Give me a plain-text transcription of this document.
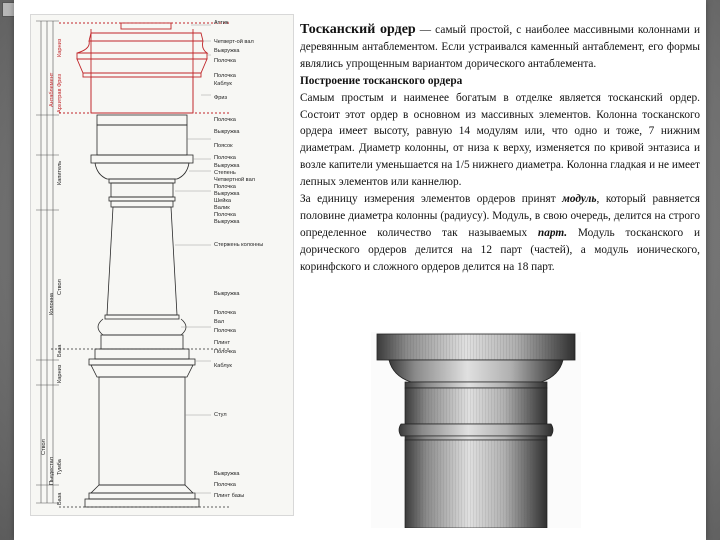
Аттик
Четверт-ой вал
Выкружка
Полочка
Полочка
Каблук
Фриз
Полочка
Выкружка
Поясок
Полочка
Выкружка
Степень
Четвертной вал
Полочка
Выкружка
Шейка
Валик
Полочка
Выкружка
Стержень колонны
Выкружка
Полочка
Вал
Полочка
Плинт
Полочка
Каблук
Стул
Выкружка
Полочка
Плинт базы
Карниз
Антаблемент Фриз
Архитрав
Капитель
Ствол
Колонна
База
Карниз
Тумба
Пьедестал
Ствол
База

Тосканский ордер — самый простой, с наиболее массивными колоннами и деревянным антаблементом. Если устраивался каменный антаблемент, его формы являлись упрощенным вариантом дорического антаблемента.

Построение тосканского ордера

Самым простым и наименее богатым в отделке является тосканский ордер. Состоит этот ордер в основном из массивных элементов. Колонна тосканского ордера имеет высоту, равную 14 модулям или, что одно и тоже, 7 нижним диаметрам. Диаметр колонны, от низа к верху, изменяется по кривой энтазиса и возле капители уменьшается на 1/5 нижнего диаметра. Колонна гладкая и не имеет лепных элементов или каннелюр.

За единицу измерения элементов ордеров принят модуль, который равняется половине диаметра колонны (радиусу). Модуль, в свою очередь, делится на строго определенное количество так называемых парт. Модуль тосканского и дорического ордеров делится на 12 парт (частей), а модуль ионического, коринфского и сложного ордеров делится на 18 парт.
